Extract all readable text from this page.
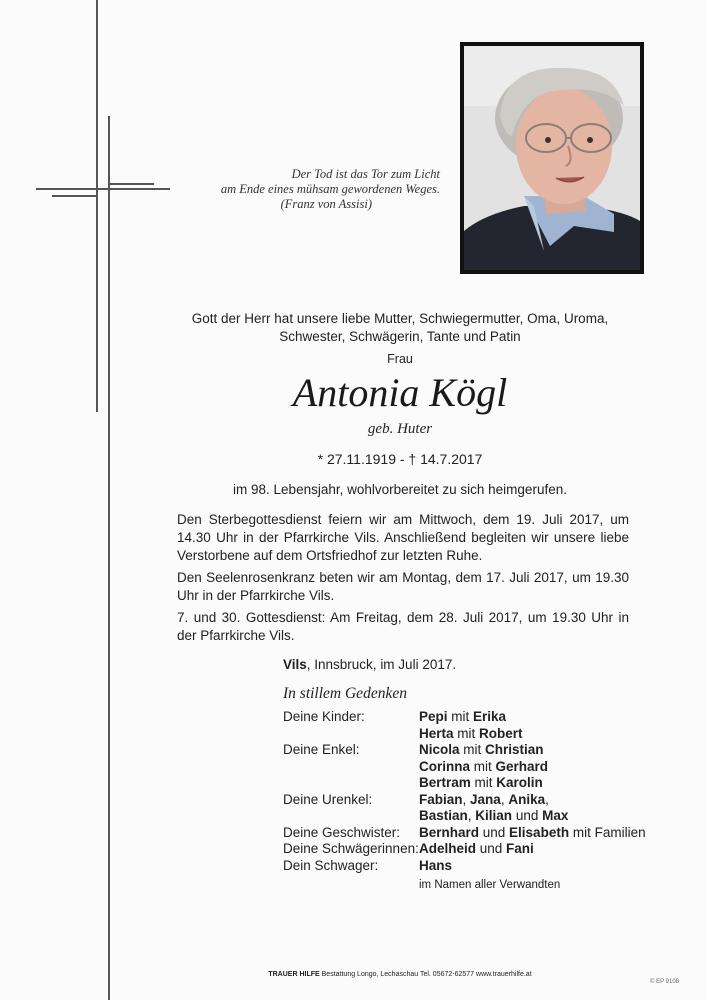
Der Tod ist das Tor zum Licht
am Ende eines mühsam gewordenen Weges.
(Franz von Assisi)
Gott der Herr hat unsere liebe Mutter, Schwiegermutter, Oma, Uroma,
Schwester, Schwägerin, Tante und Patin
Frau
Antonia Kögl
geb. Huter
* 27.11.1919 - † 14.7.2017
im 98. Lebensjahr, wohlvorbereitet zu sich heimgerufen.
Den Sterbegottesdienst feiern wir am Mittwoch, dem 19. Juli 2017, um 14.30 Uhr in der Pfarrkirche Vils. Anschließend begleiten wir unsere liebe Verstorbene auf dem Ortsfriedhof zur letzten Ruhe.
Den Seelenrosenkranz beten wir am Montag, dem 17. Juli 2017, um 19.30 Uhr in der Pfarrkirche Vils.
7. und 30. Gottesdienst: Am Freitag, dem 28. Juli 2017, um 19.30 Uhr in der Pfarrkirche Vils.
Vils, Innsbruck, im Juli 2017.
In stillem Gedenken
Deine Kinder:	Pepi mit Erika
Herta mit Robert
Deine Enkel:	Nicola mit Christian
Corinna mit Gerhard
Bertram mit Karolin
Deine Urenkel:	Fabian, Jana, Anika,
Bastian, Kilian und Max
Deine Geschwister:	Bernhard und Elisabeth mit Familien
Deine Schwägerinnen: Adelheid und Fani
Dein Schwager:	Hans
im Namen aller Verwandten
TRAUER HILFE Bestattung Longo, Lechaschau Tel. 05672-62577 www.trauerhilfe.at
© EP 9108
